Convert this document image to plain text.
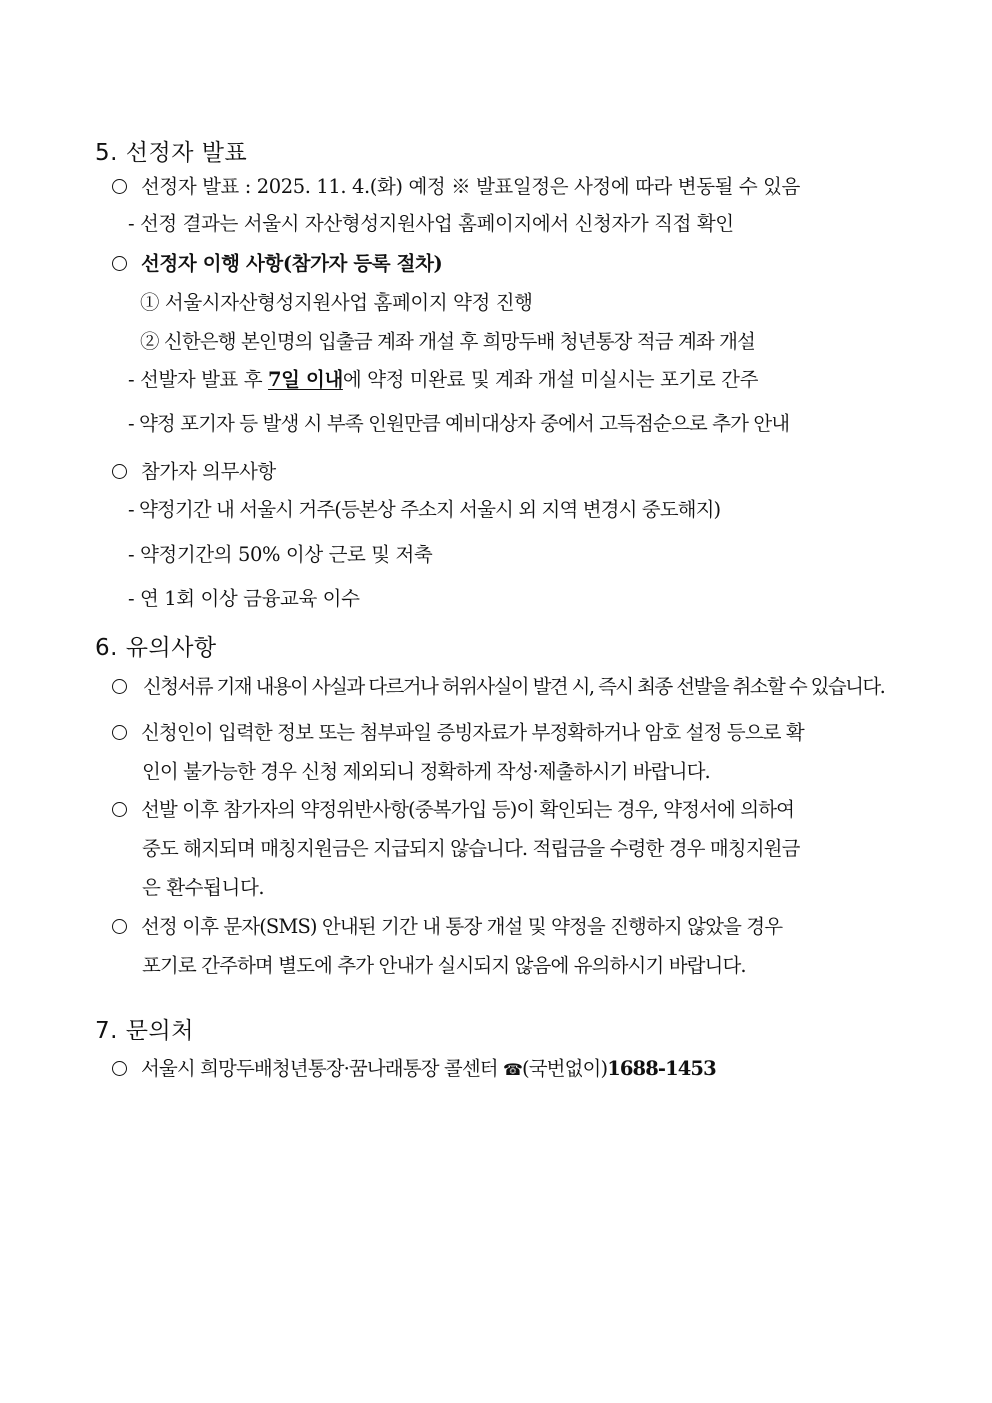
5. 선정자 발표
선정자 발표 : 2025. 11. 4.(화) 예정 ※ 발표일정은 사정에 따라 변동될 수 있음
- 선정 결과는 서울시 자산형성지원사업 홈페이지에서 신청자가 직접 확인
선정자 이행 사항(참가자 등록 절차)
① 서울시자산형성지원사업 홈페이지 약정 진행
② 신한은행 본인명의 입출금 계좌 개설 후 희망두배 청년통장 적금 계좌 개설
- 선발자 발표 후 7일 이내에 약정 미완료 및 계좌 개설 미실시는 포기로 간주
- 약정 포기자 등 발생 시 부족 인원만큼 예비대상자 중에서 고득점순으로 추가 안내
참가자 의무사항
- 약정기간 내 서울시 거주(등본상 주소지 서울시 외 지역 변경시 중도해지)
- 약정기간의 50% 이상 근로 및 저축
- 연 1회 이상 금융교육 이수
6. 유의사항
신청서류 기재 내용이 사실과 다르거나 허위사실이 발견 시, 즉시 최종 선발을 취소할 수 있습니다.
신청인이 입력한 정보 또는 첨부파일 증빙자료가 부정확하거나 암호 설정 등으로 확
인이 불가능한 경우 신청 제외되니 정확하게 작성·제출하시기 바랍니다.
선발 이후 참가자의 약정위반사항(중복가입 등)이 확인되는 경우, 약정서에 의하여
중도 해지되며 매칭지원금은 지급되지 않습니다. 적립금을 수령한 경우 매칭지원금
은 환수됩니다.
선정 이후 문자(SMS) 안내된 기간 내 통장 개설 및 약정을 진행하지 않았을 경우
포기로 간주하며 별도에 추가 안내가 실시되지 않음에 유의하시기 바랍니다.
7. 문의처
서울시 희망두배청년통장·꿈나래통장 콜센터 ☎(국번없이)1688-1453
